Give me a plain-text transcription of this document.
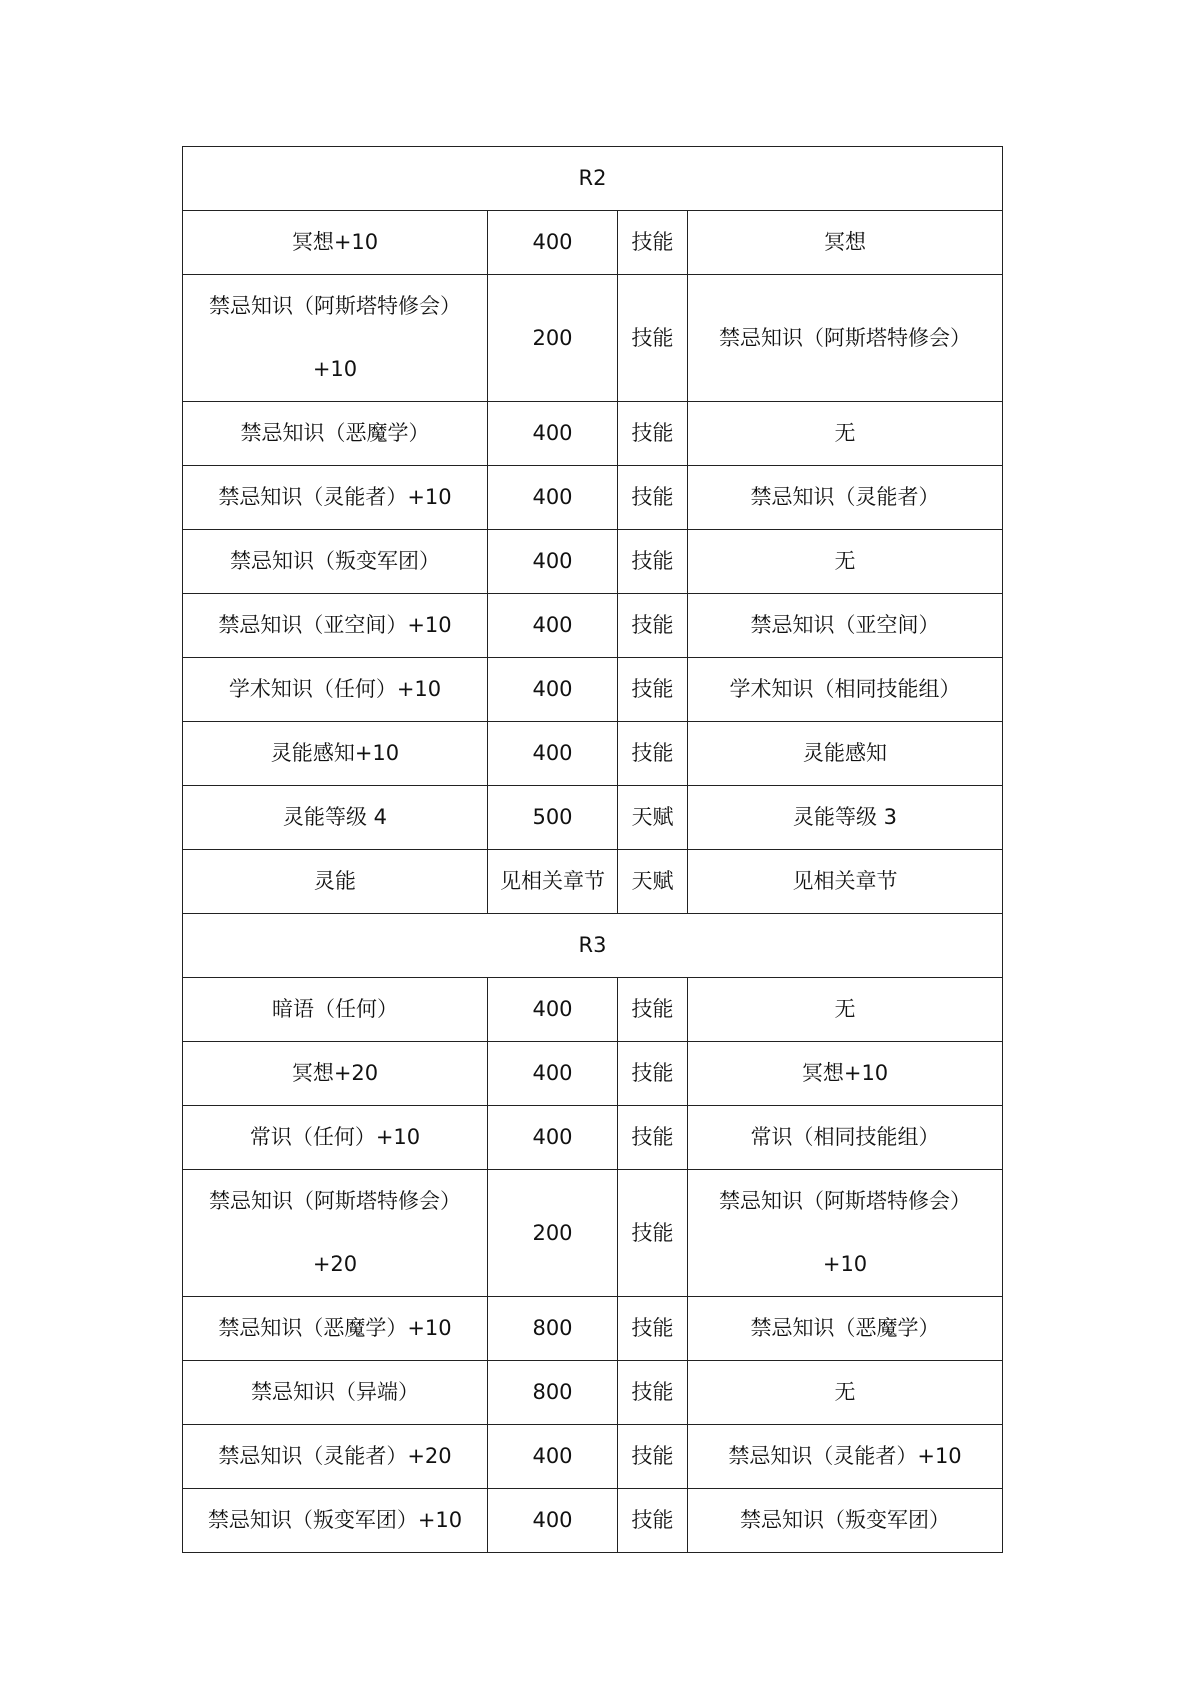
R2			

冥想+10	400	技能	冥想

禁忌知识（阿斯塔特修会）
+10	200	技能	禁忌知识（阿斯塔特修会）

禁忌知识（恶魔学）	400	技能	无

禁忌知识（灵能者）+10	400	技能	禁忌知识（灵能者）

禁忌知识（叛变军团）	400	技能	无

禁忌知识（亚空间）+10	400	技能	禁忌知识（亚空间）

学术知识（任何）+10	400	技能	学术知识（相同技能组）

灵能感知+10	400	技能	灵能感知

灵能等级 4	500	天赋	灵能等级 3

灵能	见相关章节	天赋	见相关章节

R3			

暗语（任何）	400	技能	无

冥想+20	400	技能	冥想+10

常识（任何）+10	400	技能	常识（相同技能组）

禁忌知识（阿斯塔特修会）
+20	200	技能	禁忌知识（阿斯塔特修会）
+10

禁忌知识（恶魔学）+10	800	技能	禁忌知识（恶魔学）

禁忌知识（异端）	800	技能	无

禁忌知识（灵能者）+20	400	技能	禁忌知识（灵能者）+10

禁忌知识（叛变军团）+10	400	技能	禁忌知识（叛变军团）
